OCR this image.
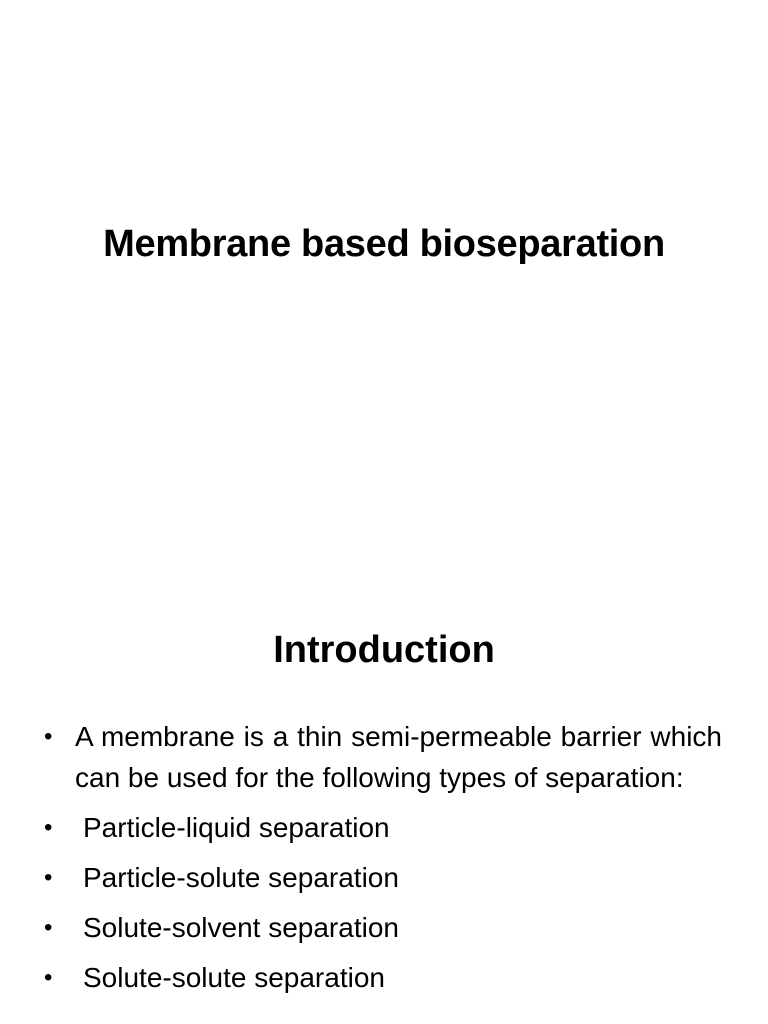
Membrane based bioseparation
Introduction
• A membrane is a thin semi-permeable barrier which can be used for the following types of separation:
•	Particle-liquid separation
•	Particle-solute separation
•	Solute-solvent separation
•	Solute-solute separation
